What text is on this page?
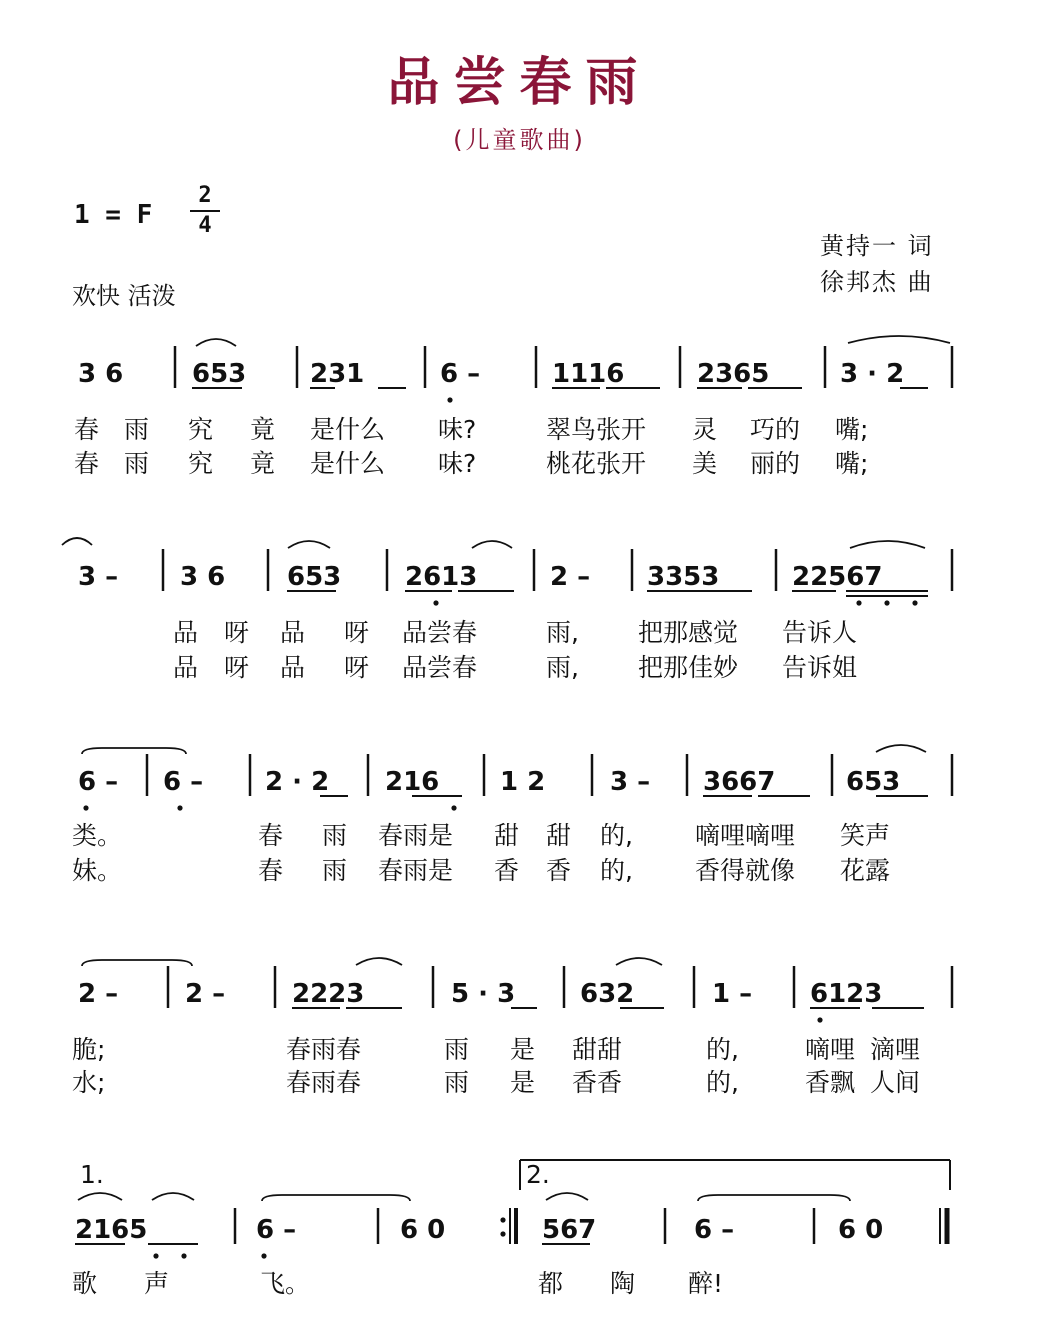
品尝春雨
(儿童歌曲)
1 = F $\frac{2}{4}$
欢快 活泼
黄持一 词
徐邦杰 曲
3 6	653 231	6 –	1116	2365	3 · 2
春 雨 究 竟 是什么 味?	翠鸟张开 灵 巧的 嘴;
春 雨 究 竟 是什么 味?	桃花张开 美 丽的 嘴;
3 – 3 6 653 2613	2 – 3353	22567
品 呀 品 呀 品尝春	雨, 把那感觉 告诉人
品 呀 品 呀 品尝春	雨, 把那佳妙 告诉姐
6 – 6 – 2 · 2 216 1 2 3 – 3667	653
类。	春 雨 春雨是 甜 甜 的, 嘀哩嘀哩 笑声
妹。	春 雨 春雨是 香 香 的, 香得就像 花露
2 –	2 –	2223	5 · 3 632	1 – 6123
脆;	春雨春	雨 是 甜甜	的,	嘀哩 滴哩
水;	春雨春	雨 是 香香	的,	香飘 人间
2165	6 –	6 0	567	6 –	6 0
歌 声	飞。	都 陶 醉!
1.	2.
